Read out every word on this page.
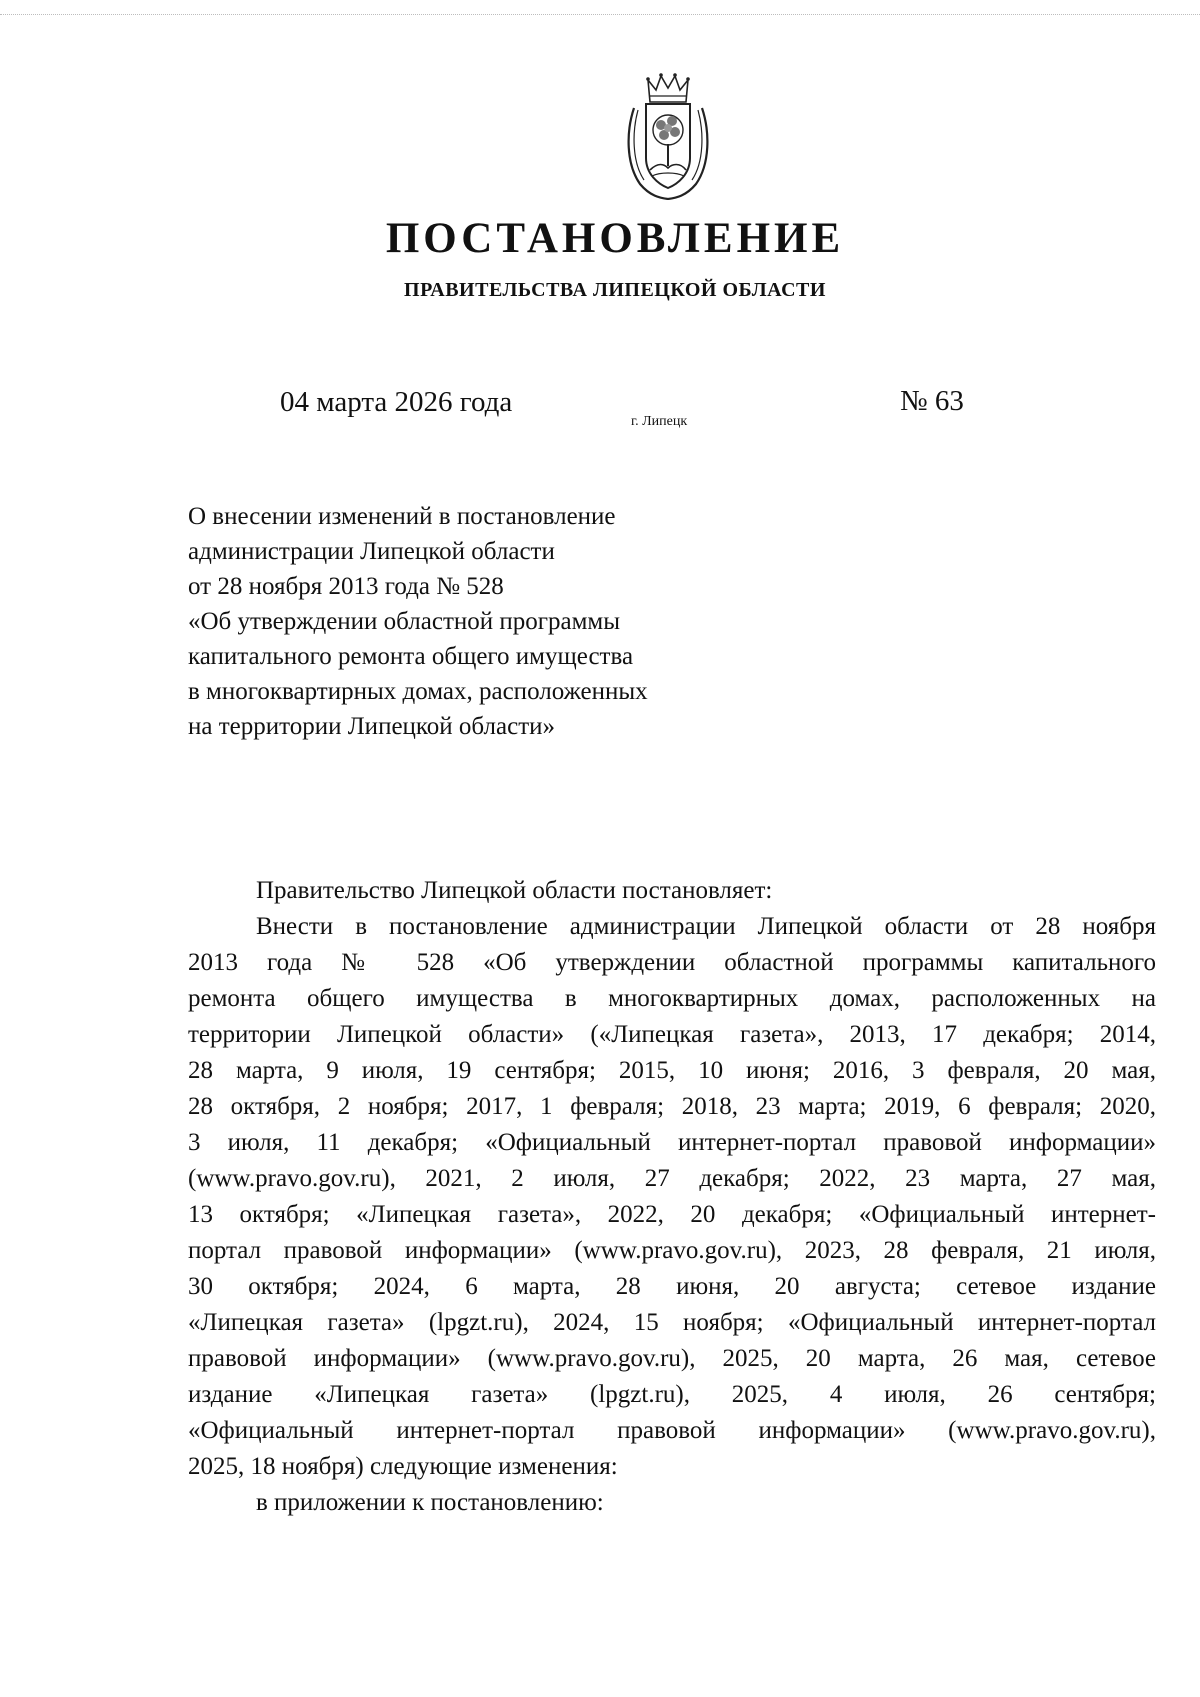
ПОСТАНОВЛЕНИЕ
ПРАВИТЕЛЬСТВА ЛИПЕЦКОЙ ОБЛАСТИ
04 марта 2026 года
г. Липецк
№ 63
О внесении изменений в постановление
администрации Липецкой области
от 28 ноября 2013 года № 528
«Об утверждении областной программы
капитального ремонта общего имущества
в многоквартирных домах, расположенных
на территории Липецкой области»

Правительство Липецкой области постановляет:

Внести в постановление администрации Липецкой области от 28 ноября
2013 года № 528 «Об утверждении областной программы капитального
ремонта общего имущества в многоквартирных домах, расположенных на
территории Липецкой области» («Липецкая газета», 2013, 17 декабря; 2014,
28 марта, 9 июля, 19 сентября; 2015, 10 июня; 2016, 3 февраля, 20 мая,
28 октября, 2 ноября; 2017, 1 февраля; 2018, 23 марта; 2019, 6 февраля; 2020,
3 июля, 11 декабря; «Официальный интернет-портал правовой информации»
(www.pravo.gov.ru), 2021, 2 июля, 27 декабря; 2022, 23 марта, 27 мая,
13 октября; «Липецкая газета», 2022, 20 декабря; «Официальный интернет-
портал правовой информации» (www.pravo.gov.ru), 2023, 28 февраля, 21 июля,
30 октября; 2024, 6 марта, 28 июня, 20 августа; сетевое издание
«Липецкая газета» (lpgzt.ru), 2024, 15 ноября; «Официальный интернет-портал
правовой информации» (www.pravo.gov.ru), 2025, 20 марта, 26 мая, сетевое
издание «Липецкая газета» (lpgzt.ru), 2025, 4 июля, 26 сентября;
«Официальный интернет-портал правовой информации» (www.pravo.gov.ru),
2025, 18 ноября) следующие изменения:
в приложении к постановлению:
